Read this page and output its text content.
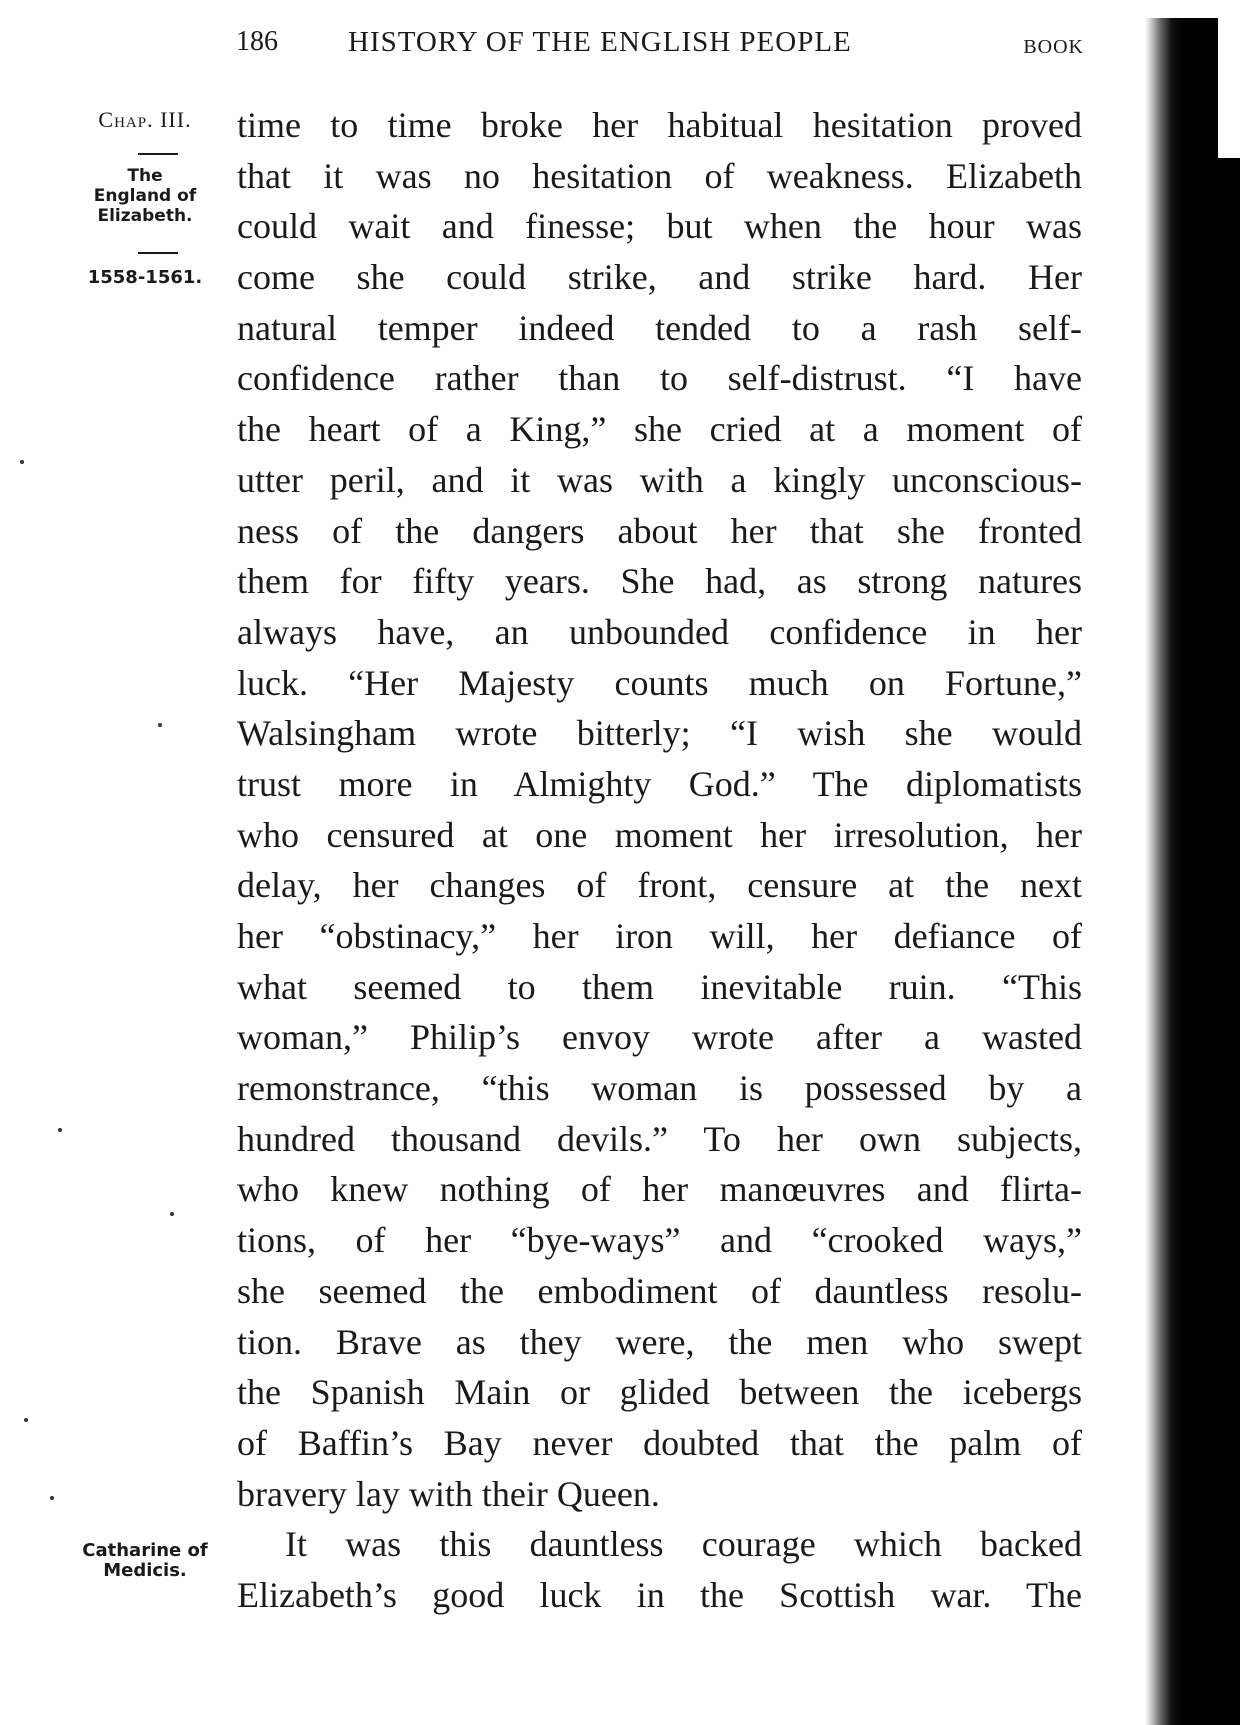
186 HISTORY OF THE ENGLISH PEOPLE	BOOK
Chap. III.
The
England of
Elizabeth.
1558-1561.
Catharine of
Medicis.
time to time broke her habitual hesitation proved
that it was no hesitation of weakness. Elizabeth
could wait and finesse; but when the hour was
come she could strike, and strike hard. Her
natural temper indeed tended to a rash self-
confidence rather than to self-distrust. “I have
the heart of a King,” she cried at a moment of
utter peril, and it was with a kingly unconscious-
ness of the dangers about her that she fronted
them for fifty years. She had, as strong natures
always have, an unbounded confidence in her
luck. “Her Majesty counts much on Fortune,”
Walsingham wrote bitterly; “I wish she would
trust more in Almighty God.” The diplomatists
who censured at one moment her irresolution, her
delay, her changes of front, censure at the next
her “obstinacy,” her iron will, her defiance of
what seemed to them inevitable ruin. “This
woman,” Philip’s envoy wrote after a wasted
remonstrance, “this woman is possessed by a
hundred thousand devils.” To her own subjects,
who knew nothing of her manœuvres and flirta-
tions, of her “bye-ways” and “crooked ways,”
she seemed the embodiment of dauntless resolu-
tion. Brave as they were, the men who swept
the Spanish Main or glided between the icebergs
of Baffin’s Bay never doubted that the palm of
bravery lay with their Queen.
It was this dauntless courage which backed
Elizabeth’s good luck in the Scottish war. The
